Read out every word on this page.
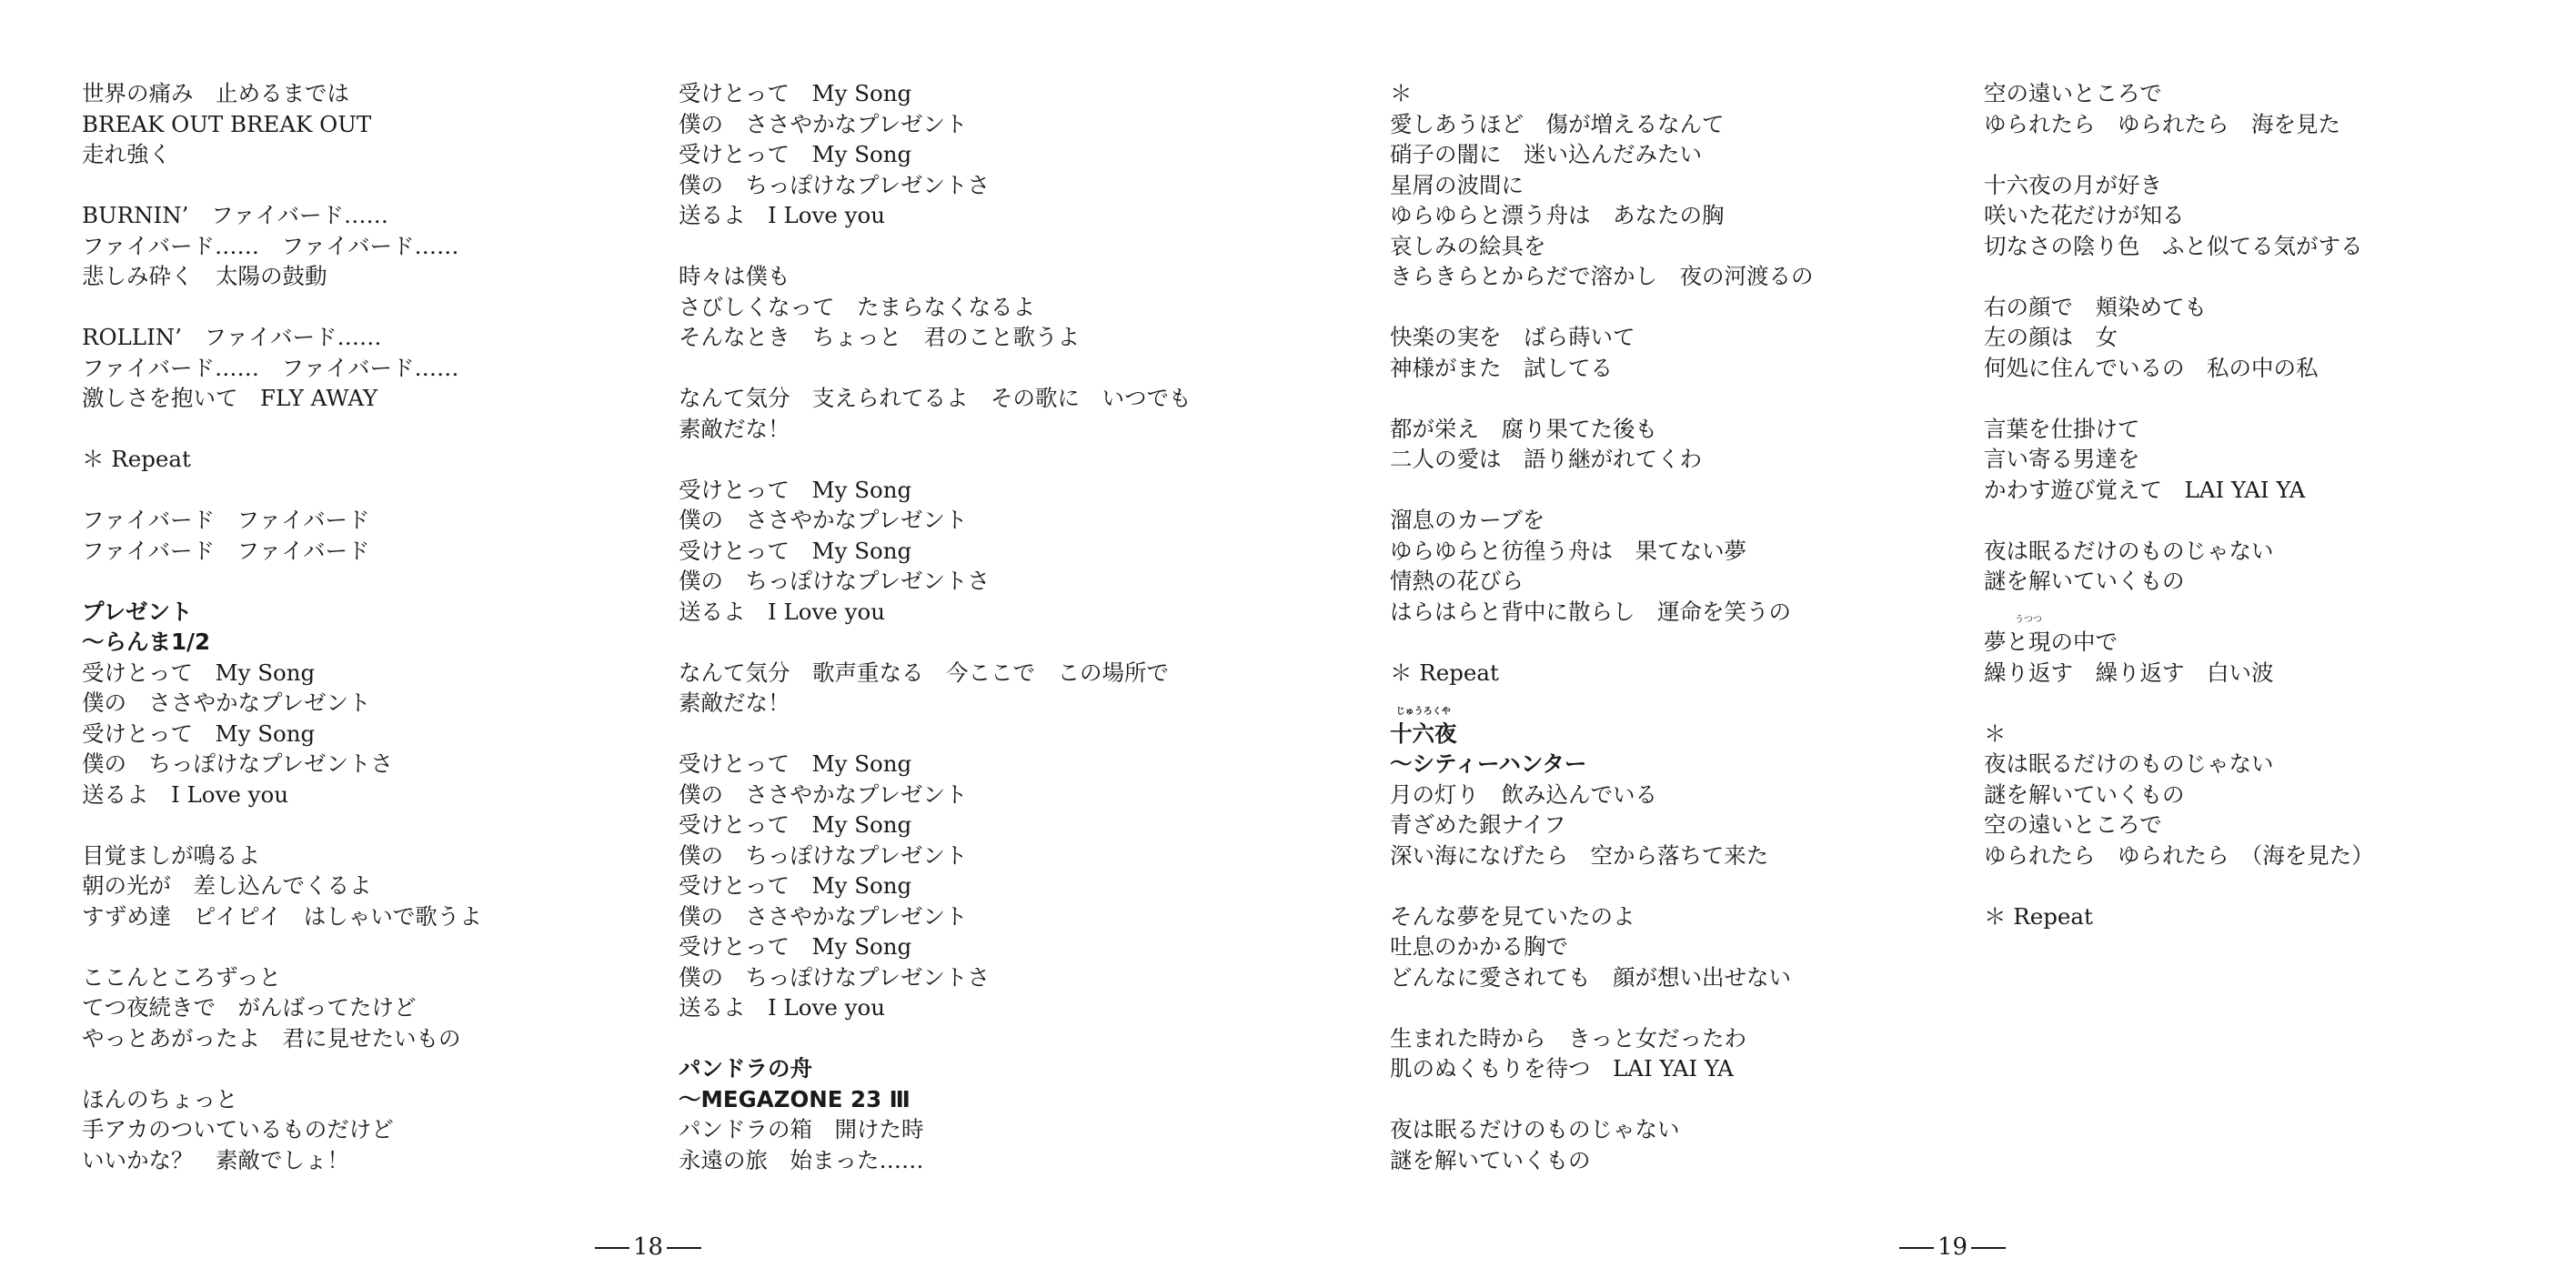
世界の痛み　止めるまでは
BREAK OUT BREAK OUT
走れ強く
BURNIN’　ファイバード……
ファイバード……　ファイバード……
悲しみ砕く　太陽の鼓動
ROLLIN’　ファイバード……
ファイバード……　ファイバード……
激しさを抱いて　FLY AWAY
＊ Repeat
ファイバード　ファイバード
ファイバード　ファイバード
プレゼント
～らんま1/2
受けとって　My Song
僕の　ささやかなプレゼント
受けとって　My Song
僕の　ちっぽけなプレゼントさ
送るよ　I Love you
目覚ましが鳴るよ
朝の光が　差し込んでくるよ
すずめ達　ピイピイ　はしゃいで歌うよ
ここんところずっと
てつ夜続きで　がんばってたけど
やっとあがったよ　君に見せたいもの
ほんのちょっと
手アカのついているものだけど
いいかな？　素敵でしょ！
受けとって　My Song
僕の　ささやかなプレゼント
受けとって　My Song
僕の　ちっぽけなプレゼントさ
送るよ　I Love you
時々は僕も
さびしくなって　たまらなくなるよ
そんなとき　ちょっと　君のこと歌うよ
なんて気分　支えられてるよ　その歌に　いつでも
素敵だな！
受けとって　My Song
僕の　ささやかなプレゼント
受けとって　My Song
僕の　ちっぽけなプレゼントさ
送るよ　I Love you
なんて気分　歌声重なる　今ここで　この場所で
素敵だな！
受けとって　My Song
僕の　ささやかなプレゼント
受けとって　My Song
僕の　ちっぽけなプレゼント
受けとって　My Song
僕の　ささやかなプレゼント
受けとって　My Song
僕の　ちっぽけなプレゼントさ
送るよ　I Love you
パンドラの舟
～MEGAZONE 23 Ⅲ
パンドラの箱　開けた時
永遠の旅　始まった……
18
＊
愛しあうほど　傷が増えるなんて
硝子の闇に　迷い込んだみたい
星屑の波間に
ゆらゆらと漂う舟は　あなたの胸
哀しみの絵具を
きらきらとからだで溶かし　夜の河渡るの
快楽の実を　ばら蒔いて
神様がまた　試してる
都が栄え　腐り果てた後も
二人の愛は　語り継がれてくわ
溜息のカーブを
ゆらゆらと彷徨う舟は　果てない夢
情熱の花びら
はらはらと背中に散らし　運命を笑うの
＊ Repeat
じゅうろくや
十六夜
～シティーハンター
月の灯り　飲み込んでいる
青ざめた銀ナイフ
深い海になげたら　空から落ちて来た
そんな夢を見ていたのよ
吐息のかかる胸で
どんなに愛されても　顔が想い出せない
生まれた時から　きっと女だったわ
肌のぬくもりを待つ　LAI YAI YA
夜は眠るだけのものじゃない
謎を解いていくもの
空の遠いところで
ゆられたら　ゆられたら　海を見た
十六夜の月が好き
咲いた花だけが知る
切なさの陰り色　ふと似てる気がする
右の顔で　頬染めても
左の顔は　女
何処に住んでいるの　私の中の私
言葉を仕掛けて
言い寄る男達を
かわす遊び覚えて　LAI YAI YA
夜は眠るだけのものじゃない
謎を解いていくもの
うつつ
夢と現の中で
繰り返す　繰り返す　白い波
＊
夜は眠るだけのものじゃない
謎を解いていくもの
空の遠いところで
ゆられたら　ゆられたら　（海を見た）
＊ Repeat
19
